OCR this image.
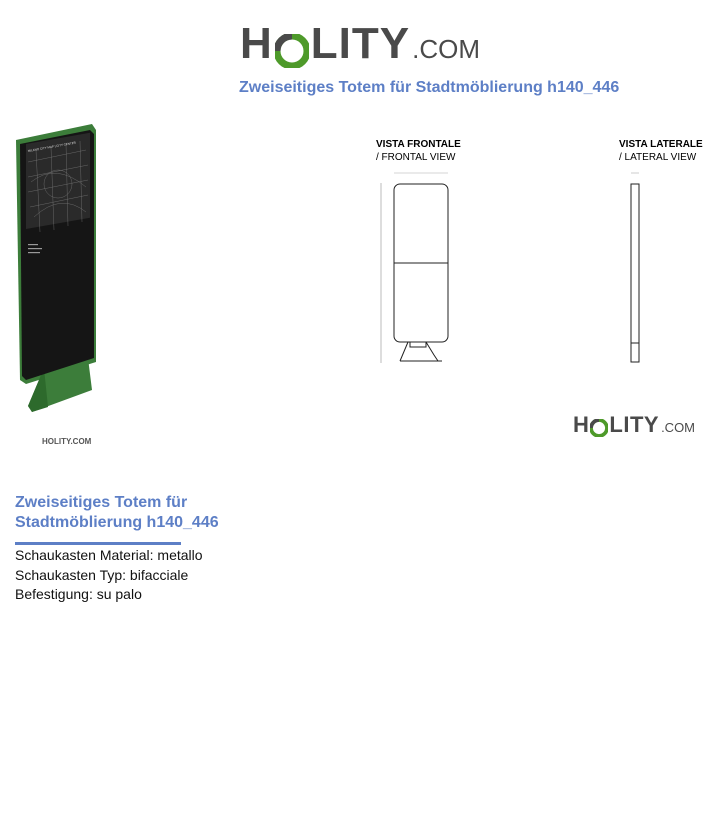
H LITY .COM
Zweiseitiges Totem für Stadtmöblierung h140_446
MILANO CITY MAP | CITY CENTER
HOLITY.COM
VISTA FRONTALE
/ FRONTAL VIEW
VISTA LATERALE
/ LATERAL VIEW
H LITY .COM
Zweiseitiges Totem für Stadtmöblierung h140_446
Schaukasten Material: metallo
Schaukasten Typ: bifacciale
Befestigung: su palo
